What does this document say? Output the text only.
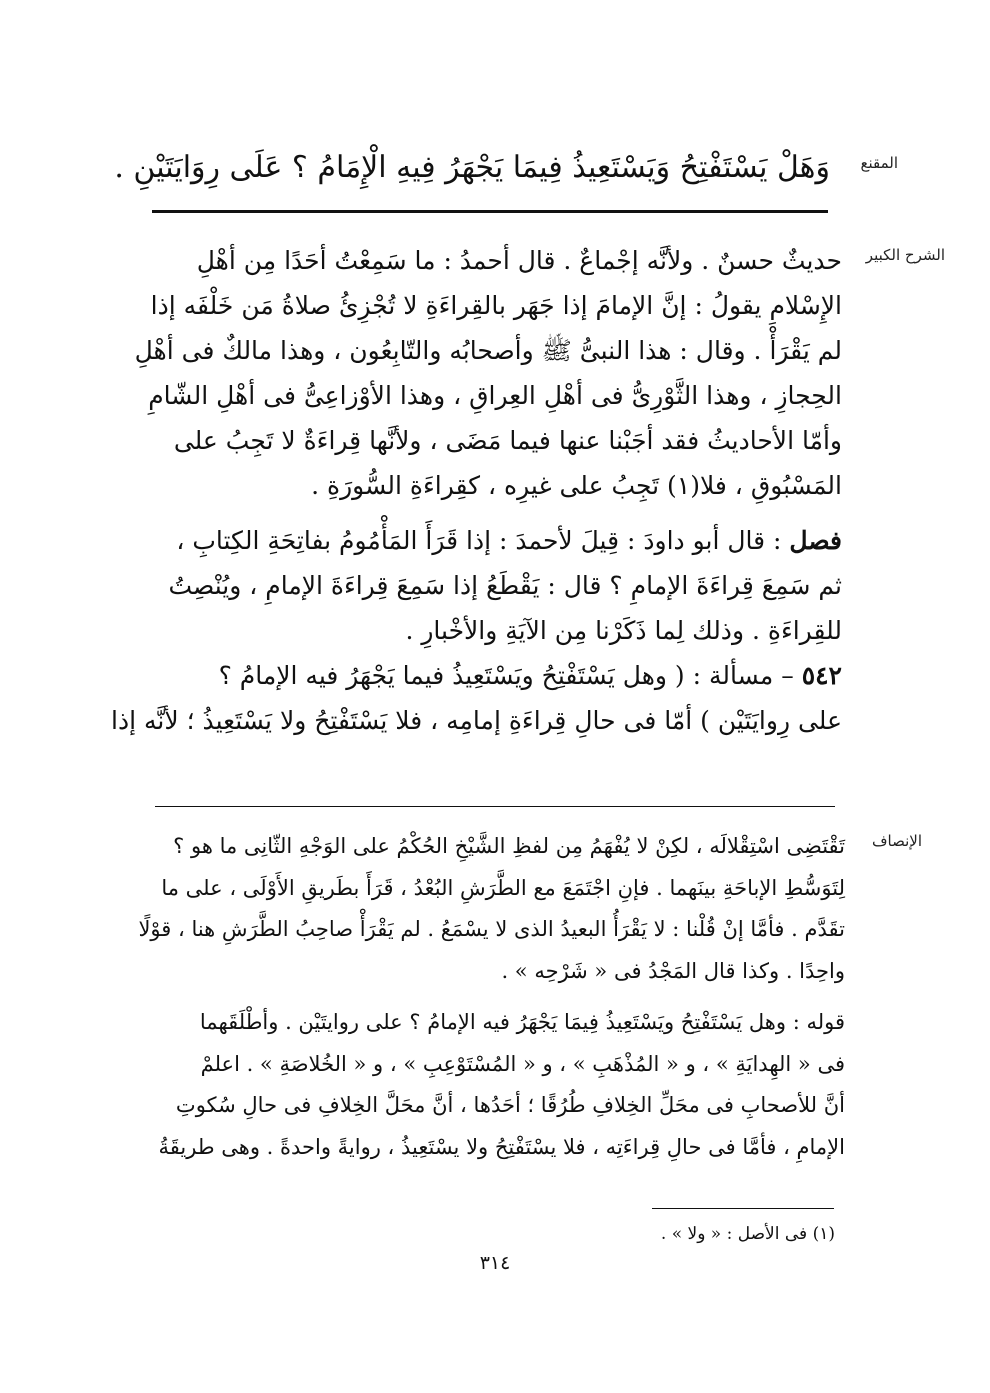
المقنع
وَهَلْ يَسْتَفْتِحُ وَيَسْتَعِيذُ فِيمَا يَجْهَرُ فِيهِ الْإِمَامُ ؟ عَلَى رِوَايَتَيْنِ .
الشرح الكبير
حديثٌ حسنٌ . ولأنَّه إجْماعٌ . قال أحمدُ : ما سَمِعْتُ أحَدًا مِن أهْلِ
الإِسْلامِ يقولُ : إنَّ الإمامَ إذا جَهَر بالقِراءَةِ لا تُجْزِئُ صلاةُ مَن خَلْفَه إذا
لم يَقْرَأْ . وقال : هذا النبىُّ ﷺ وأصحابُه والتّابِعُون ، وهذا مالكٌ فى أهْلِ
الحِجازِ ، وهذا الثَّوْرِىُّ فى أهْلِ العِراقِ ، وهذا الأوْزاعِىُّ فى أهْلِ الشّامِ
وأمّا الأحاديثُ فقد أجَبْنا عنها فيما مَضَى ، ولأنَّها قِراءَةٌ لا تَجِبُ على
المَسْبُوقِ ، فلا(١) تَجِبُ على غيرِه ، كقِراءَةِ السُّورَةِ .
فصل : قال أبو داودَ : قِيلَ لأحمدَ : إذا قَرَأَ المَأْمُومُ بفاتِحَةِ الكِتابِ ،
ثم سَمِعَ قِراءَةَ الإمامِ ؟ قال : يَقْطَعُ إذا سَمِعَ قِراءَةَ الإمامِ ، ويُنْصِتُ
للقِراءَةِ . وذلك لِما ذَكَرْنا مِن الآيَةِ والأخْبارِ .
٥٤٢ – مسألة : ( وهل يَسْتَفْتِحُ ويَسْتَعِيذُ فيما يَجْهَرُ فيه الإمامُ ؟
على رِوايَتَيْن ) أمّا فى حالِ قِراءَةِ إمامِه ، فلا يَسْتَفْتِحُ ولا يَسْتَعِيذُ ؛ لأنَّه إذا
الإنصاف
تَقْتَضِى اسْتِقْلالَه ، لكِنْ لا يُفْهَمُ مِن لفظِ الشَّيْخِ الحُكْمُ على الوَجْهِ الثّانِى ما هو ؟
لِتَوَسُّطِ الإباحَةِ بينَهما . فإنِ اجْتَمَعَ مع الطَّرَشِ البُعْدُ ، قَرَأَ بطَريقِ الأَوْلَى ، على ما
تقَدَّم . فأمَّا إنْ قُلْنا : لا يَقْرَأُ البعيدُ الذى لا يسْمَعُ . لم يَقْرَأْ صاحِبُ الطَّرَشِ هنا ، قوْلًا
واحِدًا . وكذا قال المَجْدُ فى « شَرْحِه » .
قوله : وهل يَسْتَفْتِحُ ويَسْتَعِيذُ فِيمَا يَجْهَرُ فيه الإمامُ ؟ على روايتَيْن . وأطْلَقَهما
فى « الهِدايَةِ » ، و « المُذْهَبِ » ، و « المُسْتَوْعِبِ » ، و « الخُلاصَةِ » . اعلمْ
أنَّ للأصحابِ فى محَلِّ الخِلافِ طُرُقًا ؛ أحَدُها ، أنَّ محَلَّ الخِلافِ فى حالِ سُكوتِ
الإمامِ ، فأمَّا فى حالِ قِراءَتِه ، فلا يسْتَفْتِحُ ولا يسْتَعِيذُ ، روايةً واحدةً . وهى طريقَةُ
(١) فى الأصل : « ولا » .
٣١٤
